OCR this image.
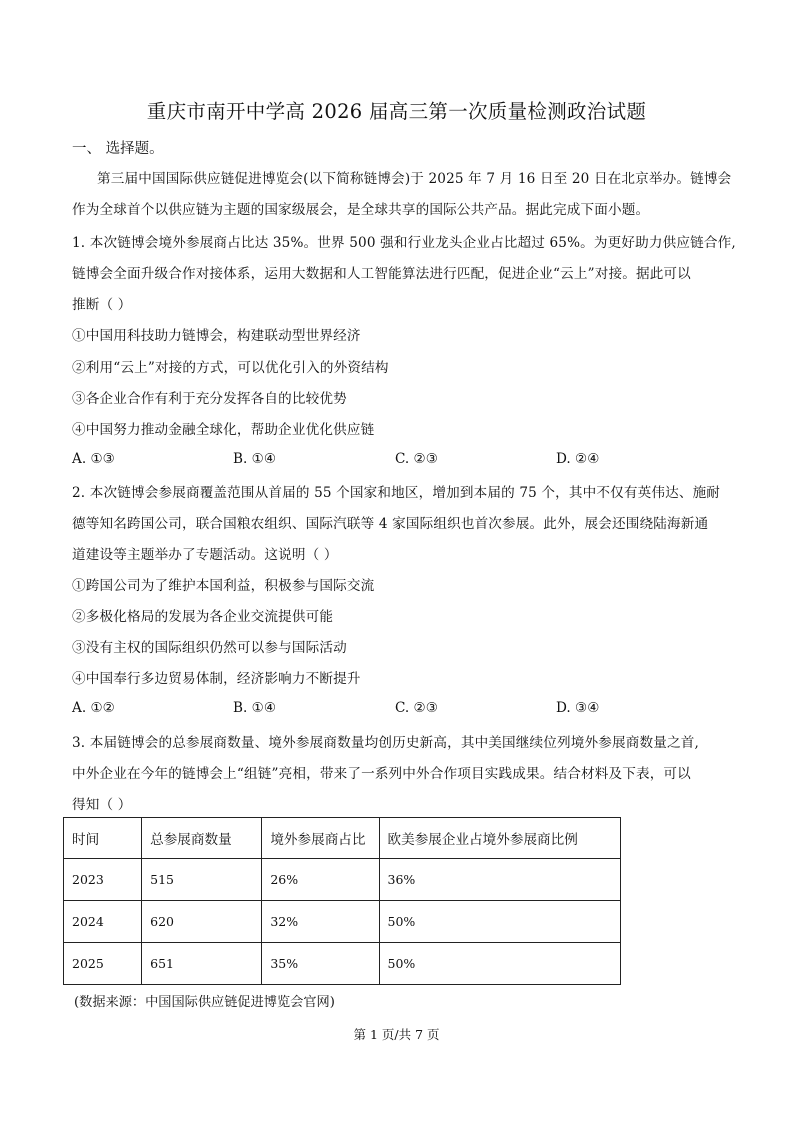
重庆市南开中学高 2026 届高三第一次质量检测政治试题
一、 选择题。
第三届中国国际供应链促进博览会(以下简称链博会)于 2025 年 7 月 16 日至 20 日在北京举办。链博会
作为全球首个以供应链为主题的国家级展会，是全球共享的国际公共产品。据此完成下面小题。
1. 本次链博会境外参展商占比达 35%。世界 500 强和行业龙头企业占比超过 65%。为更好助力供应链合作,
链博会全面升级合作对接体系，运用大数据和人工智能算法进行匹配，促进企业“云上”对接。据此可以
推断（ ）
①中国用科技助力链博会，构建联动型世界经济
②利用“云上”对接的方式，可以优化引入的外资结构
③各企业合作有利于充分发挥各自的比较优势
④中国努力推动金融全球化，帮助企业优化供应链
A. ①③	B. ①④	C. ②③	D. ②④
2. 本次链博会参展商覆盖范围从首届的 55 个国家和地区，增加到本届的 75 个，其中不仅有英伟达、施耐
德等知名跨国公司，联合国粮农组织、国际汽联等 4 家国际组织也首次参展。此外，展会还围绕陆海新通
道建设等主题举办了专题活动。这说明（ ）
①跨国公司为了维护本国利益，积极参与国际交流
②多极化格局的发展为各企业交流提供可能
③没有主权的国际组织仍然可以参与国际活动
④中国奉行多边贸易体制，经济影响力不断提升
A. ①②	B. ①④	C. ②③	D. ③④
3. 本届链博会的总参展商数量、境外参展商数量均创历史新高，其中美国继续位列境外参展商数量之首,
中外企业在今年的链博会上“组链”亮相，带来了一系列中外合作项目实践成果。结合材料及下表，可以
得知（ ）
时间	总参展商数量	境外参展商占比	欧美参展企业占境外参展商比例
2023	515	26%	36%
2024	620	32%	50%
2025	651	35%	50%
(数据来源：中国国际供应链促进博览会官网)
第 1 页/共 7 页
